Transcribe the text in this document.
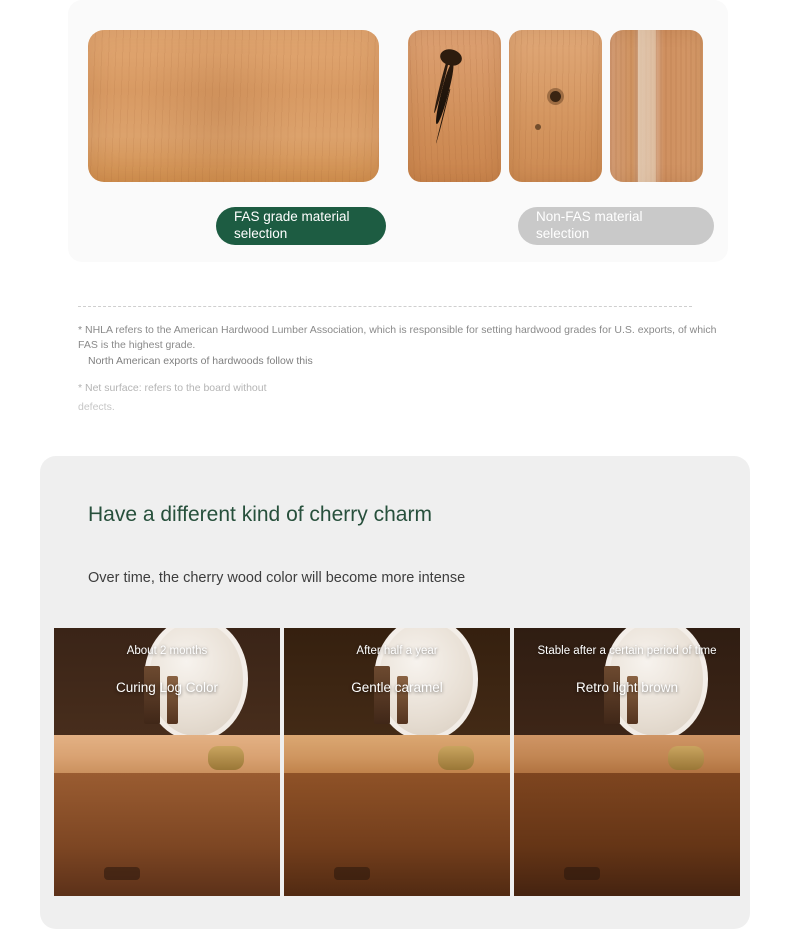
FAS grade material selection
Non-FAS material selection
* NHLA refers to the American Hardwood Lumber Association, which is responsible for setting hardwood grades for U.S. exports, of which FAS is the highest grade.
North American exports of hardwoods follow this
* Net surface: refers to the board without
defects.
Have a different kind of cherry charm
Over time, the cherry wood color will become more intense
About 2 months
Curing Log Color
After half a year
Gentle caramel
Stable after a certain period of time
Retro light brown
